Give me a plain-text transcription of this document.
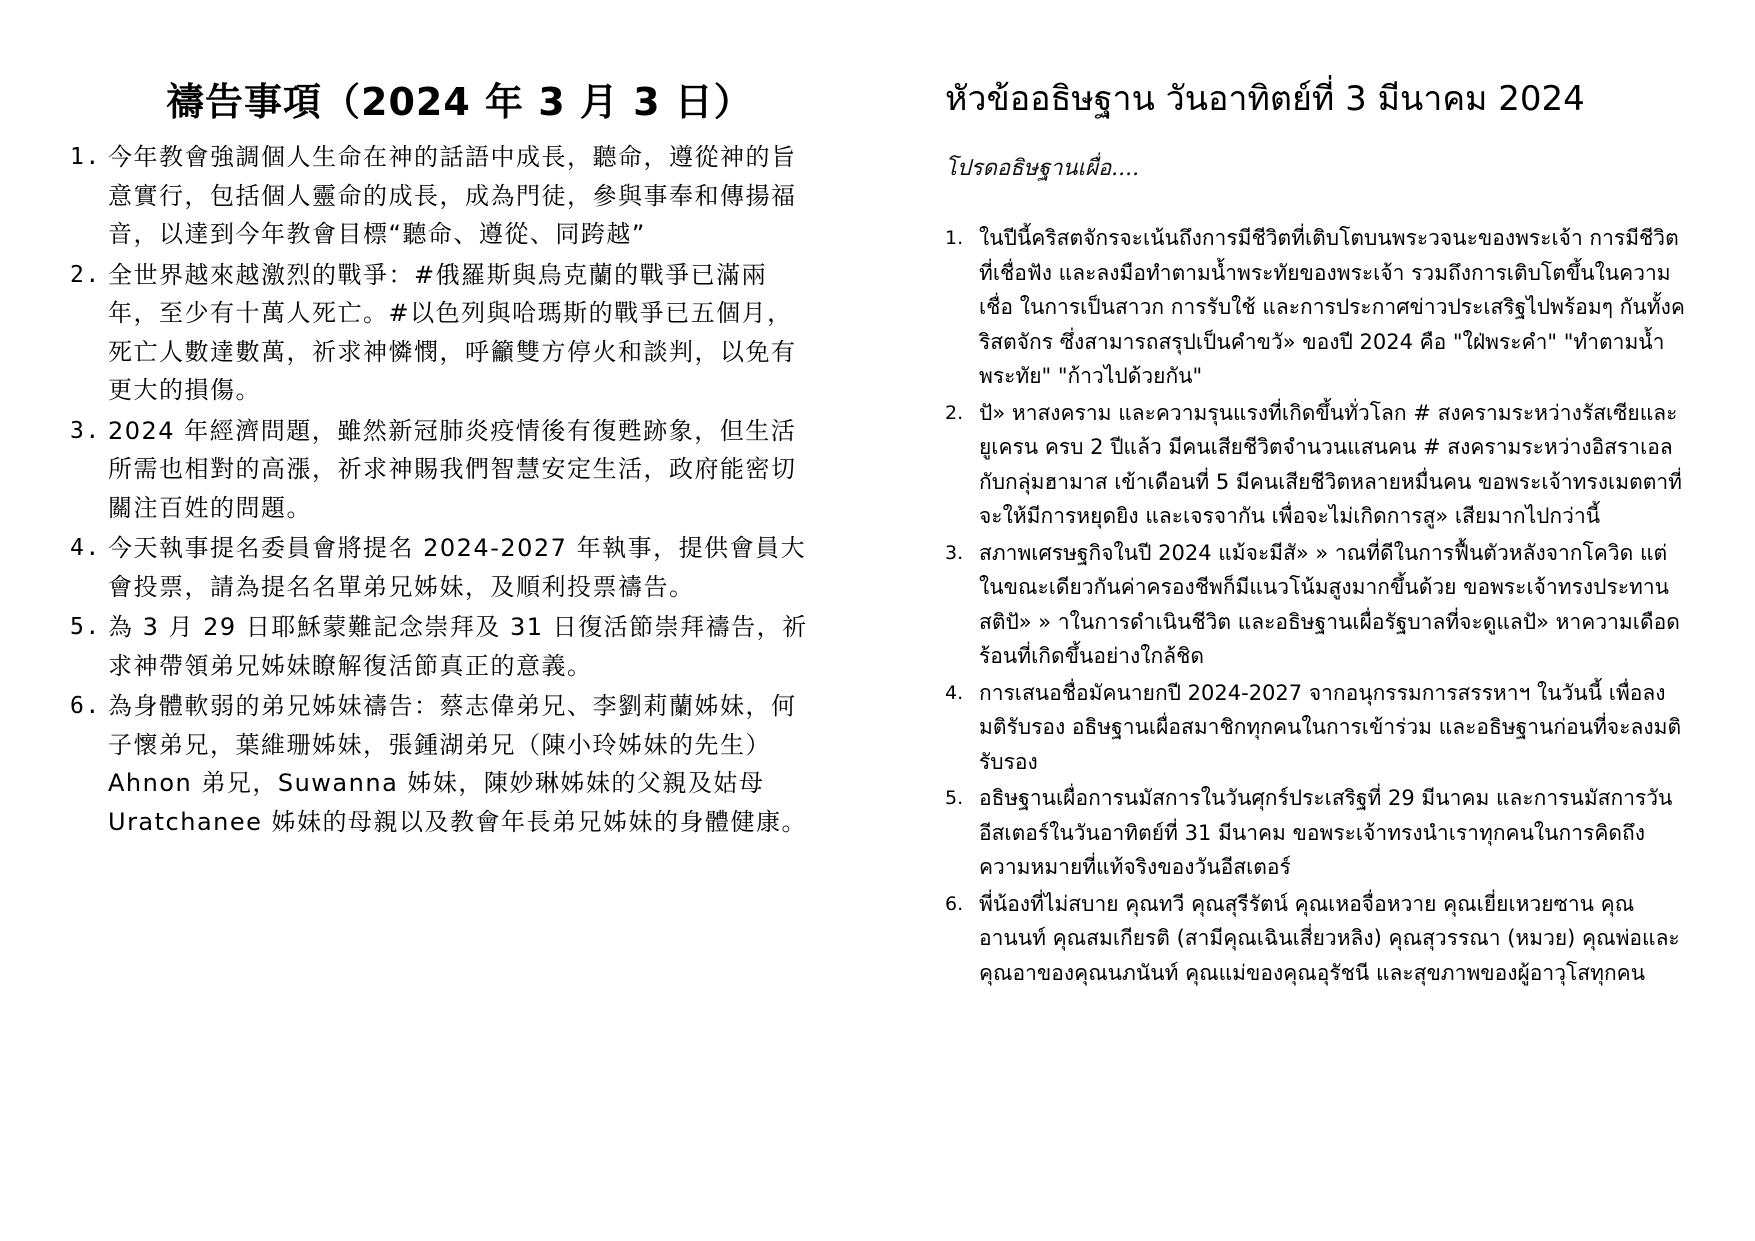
禱告事項（2024 年 3 月 3 日）
1. 今年教會強調個人生命在神的話語中成長，聽命，遵從神的旨意實行，包括個人靈命的成長，成為門徒，參與事奉和傳揚福音，以達到今年教會目標“聽命、遵從、同跨越”
2. 全世界越來越激烈的戰爭：#俄羅斯與烏克蘭的戰爭已滿兩年，至少有十萬人死亡。#以色列與哈瑪斯的戰爭已五個月，死亡人數達數萬，祈求神憐憫，呼籲雙方停火和談判，以免有更大的損傷。
3. 2024 年經濟問題，雖然新冠肺炎疫情後有復甦跡象，但生活所需也相對的高漲，祈求神賜我們智慧安定生活，政府能密切關注百姓的問題。
4. 今天執事提名委員會將提名 2024-2027 年執事，提供會員大會投票，請為提名名單弟兄姊妹，及順利投票禱告。
5. 為 3 月 29 日耶穌蒙難記念崇拜及 31 日復活節崇拜禱告，祈求神帶領弟兄姊妹瞭解復活節真正的意義。
6. 為身體軟弱的弟兄姊妹禱告：蔡志偉弟兄、李劉莉蘭姊妹，何子懷弟兄，葉維珊姊妹，張鍾湖弟兄（陳小玲姊妹的先生）Ahnon 弟兄，Suwanna 姊妹，陳妙琳姊妹的父親及姑母 Uratchanee 姊妹的母親以及教會年長弟兄姊妹的身體健康。
หัวข้ออธิษฐาน วันอาทิตย์ที่ 3 มีนาคม 2024
โปรดอธิษฐานเผื่อ....
1. ในปีนี้คริสตจักรจะเน้นถึงการมีชีวิตที่เติบโตบนพระวจนะของพระเจ้า การมีชีวิตที่เชื่อฟัง และลงมือทำตามน้ำพระทัยของพระเจ้า รวมถึงการเติบโตขึ้นในความเชื่อ ในการเป็นสาวก การรับใช้ และการประกาศข่าวประเสริฐไปพร้อมๆ กันทั้งคริสตจักร ซึ่งสามารถสรุปเป็นคำขวั» ของปี 2024 คือ "ใฝ่พระคำ" "ทำตามน้ำพระทัย" "ก้าวไปด้วยกัน"
2. ปั» หาสงคราม และความรุนแรงที่เกิดขึ้นทั่วโลก # สงครามระหว่างรัสเซียและยูเครน ครบ 2 ปีแล้ว มีคนเสียชีวิตจำนวนแสนคน # สงครามระหว่างอิสราเอลกับกลุ่มฮามาส เข้าเดือนที่ 5 มีคนเสียชีวิตหลายหมื่นคน ขอพระเจ้าทรงเมตตาที่จะให้มีการหยุดยิง และเจรจากัน เพื่อจะไม่เกิดการสู» เสียมากไปกว่านี้
3. สภาพเศรษฐกิจในปี 2024 แม้จะมีสั» » าณที่ดีในการฟื้นตัวหลังจากโควิด แต่ในขณะเดียวกันค่าครองชีพก็มีแนวโน้มสูงมากขึ้นด้วย ขอพระเจ้าทรงประทานสติปั» » าในการดำเนินชีวิต และอธิษฐานเผื่อรัฐบาลที่จะดูแลปั» หาความเดือดร้อนที่เกิดขึ้นอย่างใกล้ชิด
4. การเสนอชื่อมัคนายกปี 2024-2027 จากอนุกรรมการสรรหาฯ ในวันนี้ เพื่อลงมติรับรอง อธิษฐานเผื่อสมาชิกทุกคนในการเข้าร่วม และอธิษฐานก่อนที่จะลงมติรับรอง
5. อธิษฐานเผื่อการนมัสการในวันศุกร์ประเสริฐที่ 29 มีนาคม และการนมัสการวันอีสเตอร์ในวันอาทิตย์ที่ 31 มีนาคม ขอพระเจ้าทรงนำเราทุกคนในการคิดถึงความหมายที่แท้จริงของวันอีสเตอร์
6. พี่น้องที่ไม่สบาย คุณทวี คุณสุรีรัตน์ คุณเหอจื่อหวาย คุณเยี่ยเหวยซาน คุณอานนท์ คุณสมเกียรติ (สามีคุณเฉินเสี่ยวหลิง) คุณสุวรรณา (หมวย) คุณพ่อและคุณอาของคุณนภนันท์ คุณแม่ของคุณอุรัชนี และสุขภาพของผู้อาวุโสทุกคน
